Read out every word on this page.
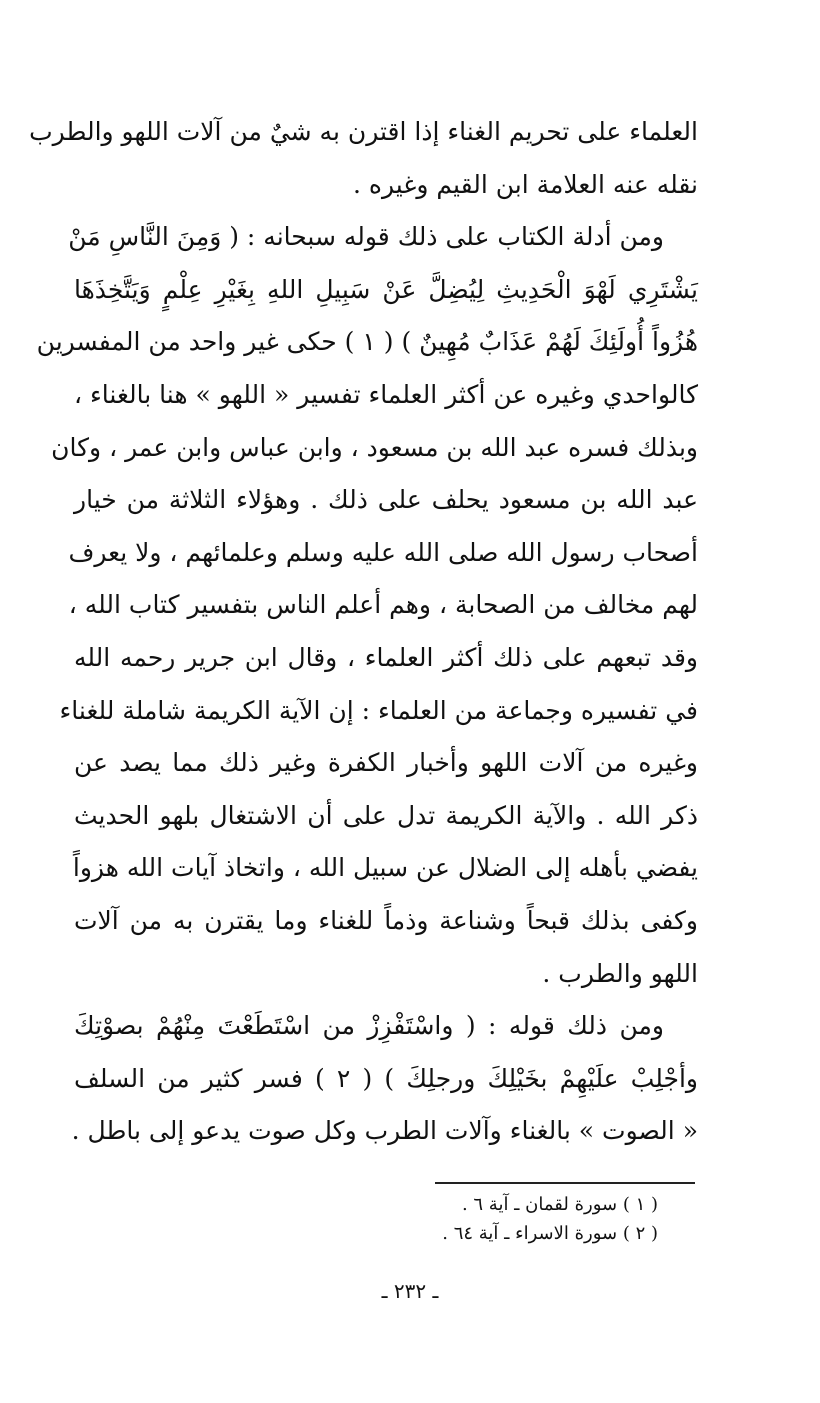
العلماء على تحريم الغناء إذا اقترن به شيٌ من آلات اللهو والطرب
نقله عنه العلامة ابن القيم وغيره .
ومن أدلة الكتاب على ذلك قوله سبحانه : ( وَمِنَ النَّاسِ مَنْ
يَشْتَرِي لَهْوَ الْحَدِيثِ لِيُضِلَّ عَنْ سَبِيلِ اللهِ بِغَيْرِ عِلْمٍ وَيَتَّخِذَهَا
هُزُواً أُولَئِكَ لَهُمْ عَذَابٌ مُهِينٌ ) ( ١ ) حكى غير واحد من المفسرين
كالواحدي وغيره عن أكثر العلماء تفسير « اللهو » هنا بالغناء ،
وبذلك فسره عبد الله بن مسعود ، وابن عباس وابن عمر ، وكان
عبد الله بن مسعود يحلف على ذلك . وهؤلاء الثلاثة من خيار
أصحاب رسول الله صلى الله عليه وسلم وعلمائهم ، ولا يعرف
لهم مخالف من الصحابة ، وهم أعلم الناس بتفسير كتاب الله ،
وقد تبعهم على ذلك أكثر العلماء ، وقال ابن جرير رحمه الله
في تفسيره وجماعة من العلماء : إن الآية الكريمة شاملة للغناء
وغيره من آلات اللهو وأخبار الكفرة وغير ذلك مما يصد عن
ذكر الله . والآية الكريمة تدل على أن الاشتغال بلهو الحديث
يفضي بأهله إلى الضلال عن سبيل الله ، واتخاذ آيات الله هزواً
وكفى بذلك قبحاً وشناعة وذماً للغناء وما يقترن به من آلات
اللهو والطرب .
ومن ذلك قوله : ( واسْتَفْزِزْ من اسْتَطَعْتَ مِنْهُمْ بصوْتِكَ
وأجْلِبْ علَيْهِمْ بخَيْلِكَ ورجلِكَ ) ( ٢ ) فسر كثير من السلف
« الصوت » بالغناء وآلات الطرب وكل صوت يدعو إلى باطل .
( ١ ) سورة لقمان ـ آية ٦ .
( ٢ ) سورة الاسراء ـ آية ٦٤ .
ـ ٢٣٢ ـ
